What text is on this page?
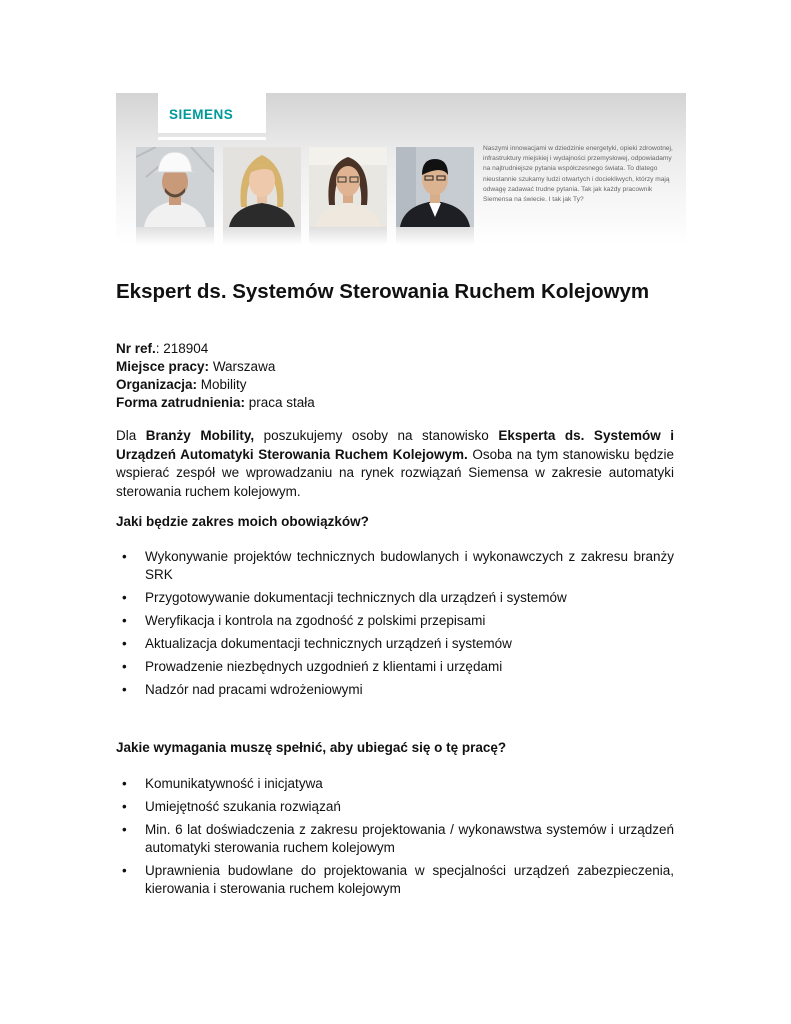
SIEMENS
Naszymi innowacjami w dziedzinie energetyki, opieki zdrowotnej, infrastruktury miejskiej i wydajności przemysłowej, odpowiadamy na najtrudniejsze pytania współczesnego świata. To dlatego nieustannie szukamy ludzi otwartych i dociekliwych, którzy mają odwagę zadawać trudne pytania. Tak jak każdy pracownik Siemensa na świecie. I tak jak Ty?
Ekspert ds. Systemów Sterowania Ruchem Kolejowym
Nr ref.: 218904
Miejsce pracy: Warszawa
Organizacja: Mobility
Forma zatrudnienia: praca stała

Dla Branży Mobility, poszukujemy osoby na stanowisko Eksperta ds. Systemów i Urządzeń Automatyki Sterowania Ruchem Kolejowym. Osoba na tym stanowisku będzie wspierać zespół we wprowadzaniu na rynek rozwiązań Siemensa w zakresie automatyki sterowania ruchem kolejowym.

Jaki będzie zakres moich obowiązków?
• Wykonywanie projektów technicznych budowlanych i wykonawczych z zakresu branży SRK
• Przygotowywanie dokumentacji technicznych dla urządzeń i systemów
• Weryfikacja i kontrola na zgodność z polskimi przepisami
• Aktualizacja dokumentacji technicznych urządzeń i systemów
• Prowadzenie niezbędnych uzgodnień z klientami i urzędami
• Nadzór nad pracami wdrożeniowymi
Jakie wymagania muszę spełnić, aby ubiegać się o tę pracę?
• Komunikatywność i inicjatywa
• Umiejętność szukania rozwiązań
• Min. 6 lat doświadczenia z zakresu projektowania / wykonawstwa systemów i urządzeń automatyki sterowania ruchem kolejowym
• Uprawnienia budowlane do projektowania w specjalności urządzeń zabezpieczenia, kierowania i sterowania ruchem kolejowym
